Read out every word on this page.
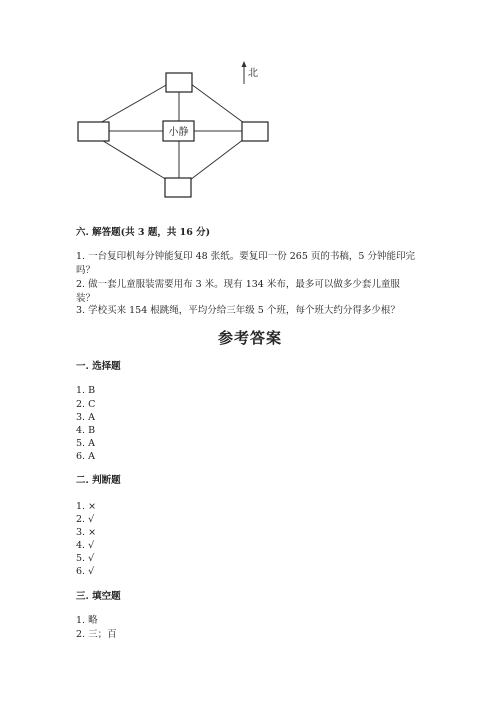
小静
北
六. 解答题(共 3 题，共 16 分)
1. 一台复印机每分钟能复印 48 张纸。要复印一份 265 页的书稿，5 分钟能印完
吗？
2. 做一套儿童服装需要用布 3 米。现有 134 米布，最多可以做多少套儿童服
装？
3. 学校买来 154 根跳绳，平均分给三年级 5 个班，每个班大约分得多少根？
参考答案
一. 选择题
1. B
2. C
3. A
4. B
5. A
6. A
二. 判断题
1. ×
2. √
3. ×
4. √
5. √
6. √
三. 填空题
1. 略
2. 三；百
